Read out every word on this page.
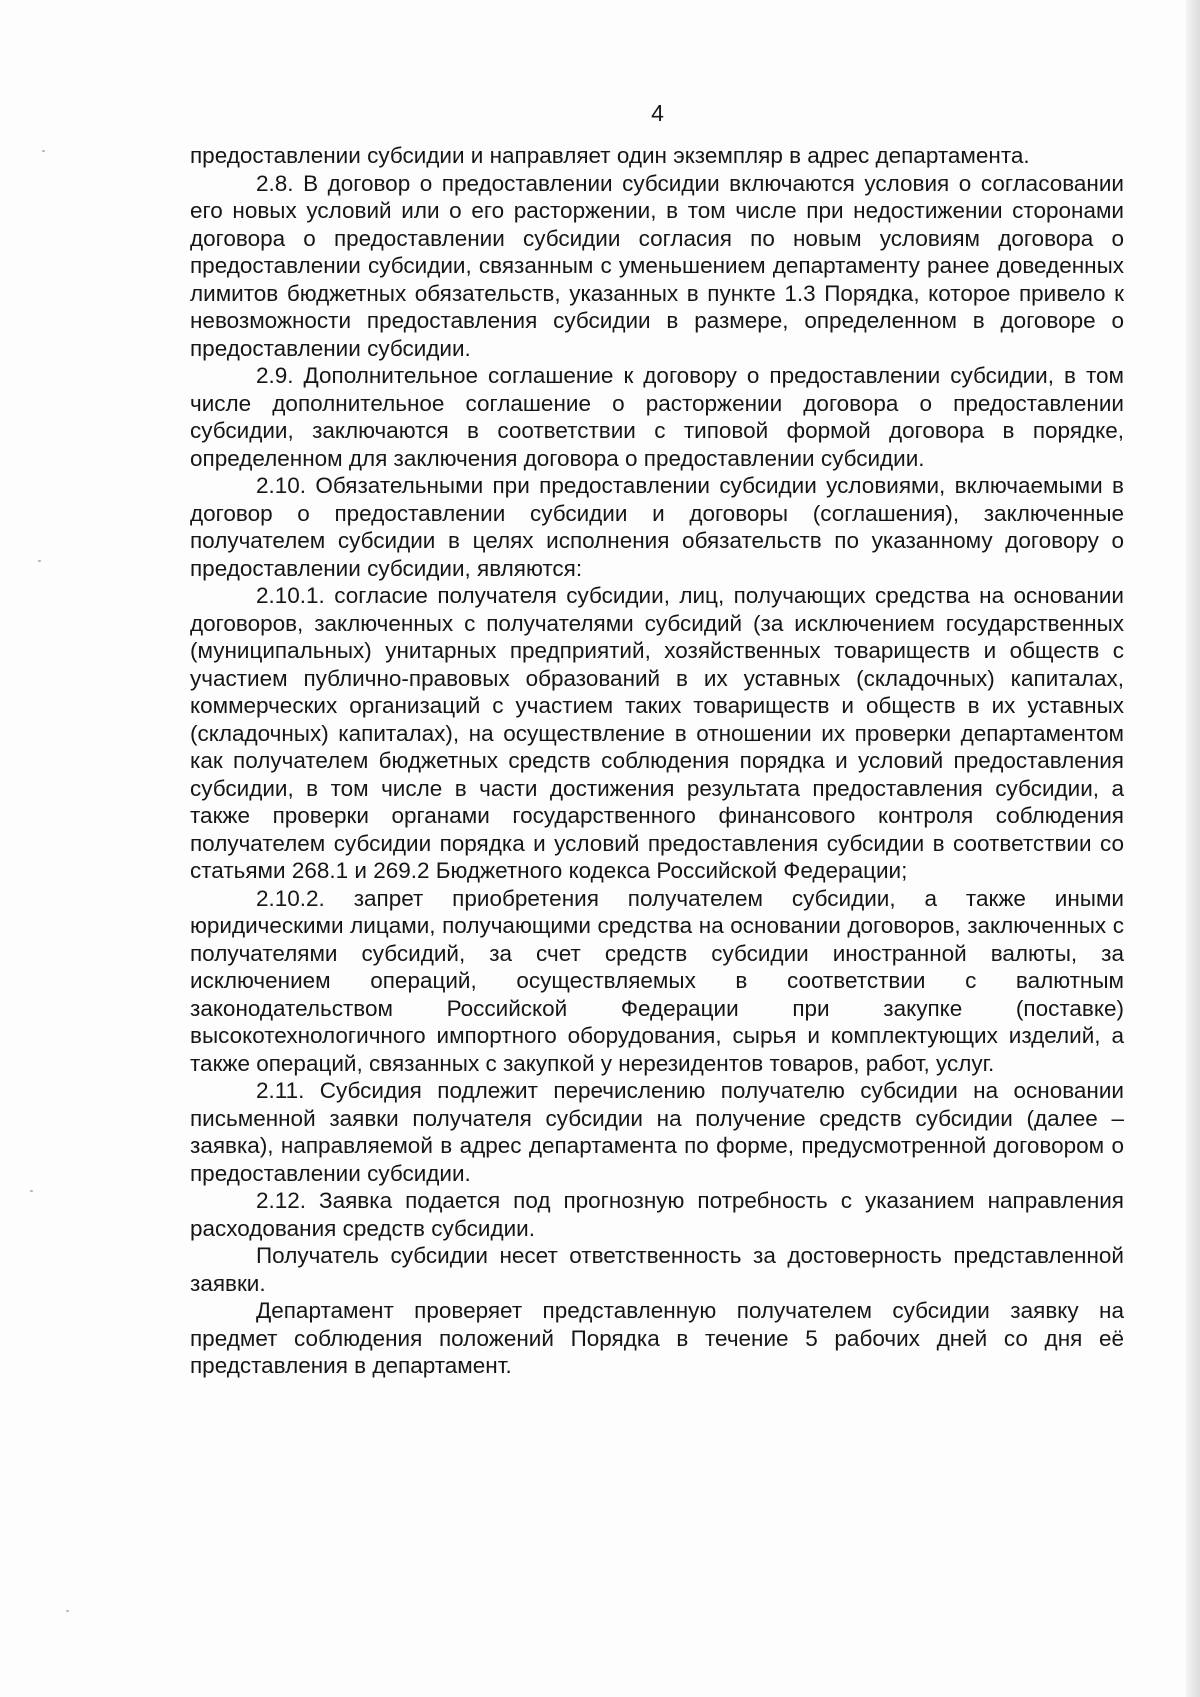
4

предоставлении субсидии и направляет один экземпляр в адрес департамента.

2.8. В договор о предоставлении субсидии включаются условия о согласовании его новых условий или о его расторжении, в том числе при недостижении сторонами договора о предоставлении субсидии согласия по новым условиям договора о предоставлении субсидии, связанным с уменьшением департаменту ранее доведенных лимитов бюджетных обязательств, указанных в пункте 1.3 Порядка, которое привело к невозможности предоставления субсидии в размере, определенном в договоре о предоставлении субсидии.

2.9. Дополнительное соглашение к договору о предоставлении субсидии, в том числе дополнительное соглашение о расторжении договора о предоставлении субсидии, заключаются в соответствии с типовой формой договора в порядке, определенном для заключения договора о предоставлении субсидии.

2.10. Обязательными при предоставлении субсидии условиями, включаемыми в договор о предоставлении субсидии и договоры (соглашения), заключенные получателем субсидии в целях исполнения обязательств по указанному договору о предоставлении субсидии, являются:

2.10.1. согласие получателя субсидии, лиц, получающих средства на основании договоров, заключенных с получателями субсидий (за исключением государственных (муниципальных) унитарных предприятий, хозяйственных товариществ и обществ с участием публично-правовых образований в их уставных (складочных) капиталах, коммерческих организаций с участием таких товариществ и обществ в их уставных (складочных) капиталах), на осуществление в отношении их проверки департаментом как получателем бюджетных средств соблюдения порядка и условий предоставления субсидии, в том числе в части достижения результата предоставления субсидии, а также проверки органами государственного финансового контроля соблюдения получателем субсидии порядка и условий предоставления субсидии в соответствии со статьями 268.1 и 269.2 Бюджетного кодекса Российской Федерации;

2.10.2. запрет приобретения получателем субсидии, а также иными юридическими лицами, получающими средства на основании договоров, заключенных с получателями субсидий, за счет средств субсидии иностранной валюты, за исключением операций, осуществляемых в соответствии с валютным законодательством Российской Федерации при закупке (поставке) высокотехнологичного импортного оборудования, сырья и комплектующих изделий, а также операций, связанных с закупкой у нерезидентов товаров, работ, услуг.

2.11. Субсидия подлежит перечислению получателю субсидии на основании письменной заявки получателя субсидии на получение средств субсидии (далее – заявка), направляемой в адрес департамента по форме, предусмотренной договором о предоставлении субсидии.

2.12. Заявка подается под прогнозную потребность с указанием направления расходования средств субсидии.

Получатель субсидии несет ответственность за достоверность представленной заявки.

Департамент проверяет представленную получателем субсидии заявку на предмет соблюдения положений Порядка в течение 5 рабочих дней со дня её представления в департамент.
